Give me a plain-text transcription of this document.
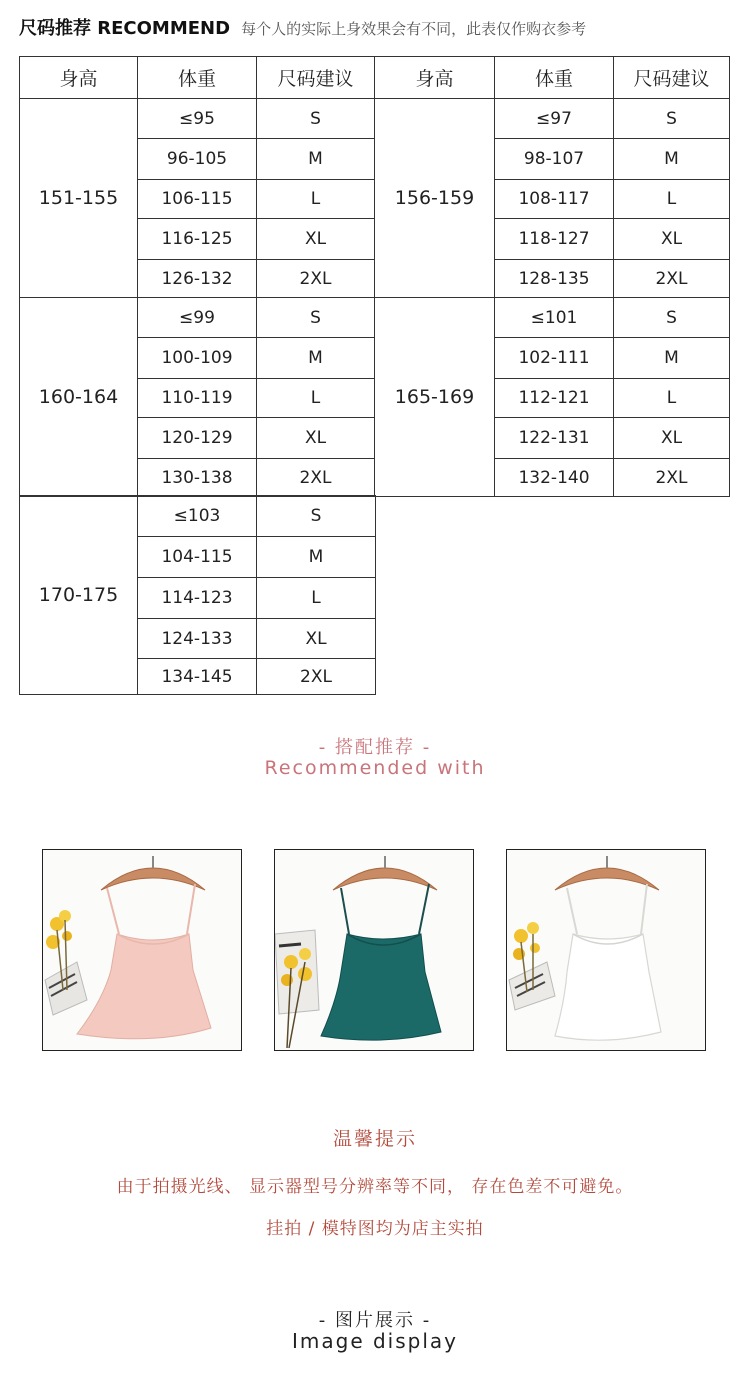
尺码推荐 RECOMMEND 每个人的实际上身效果会有不同，此表仅作购衣参考
身高	体重	尺码建议	身高	体重	尺码建议
151-155	≤95	S	156-159	≤97	S
	96-105	M		98-107	M
	106-115	L		108-117	L
	116-125	XL		118-127	XL
	126-132	2XL		128-135	2XL
160-164	≤99	S	165-169	≤101	S
	100-109	M		102-111	M
	110-119	L		112-121	L
	120-129	XL		122-131	XL
	130-138	2XL		132-140	2XL
170-175	≤103	S
	104-115	M
	114-123	L
	124-133	XL
	134-145	2XL
- 搭配推荐 -
Recommended with
温馨提示
由于拍摄光线、 显示器型号分辨率等不同， 存在色差不可避免。
挂拍 / 模特图均为店主实拍
- 图片展示 -
Image display
